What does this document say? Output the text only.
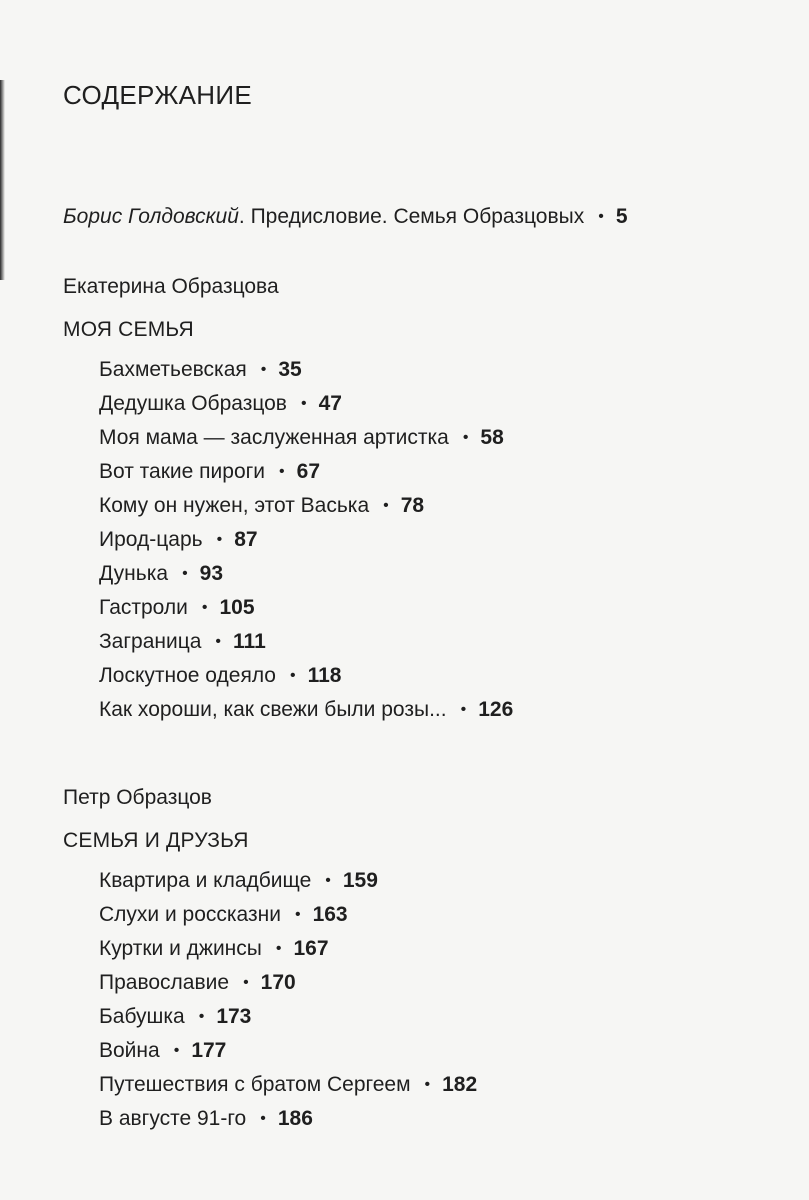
СОДЕРЖАНИЕ
Борис Голдовский. Предисловие. Семья Образцовых • 5
Екатерина Образцова
МОЯ СЕМЬЯ
Бахметьевская • 35
Дедушка Образцов • 47
Моя мама — заслуженная артистка • 58
Вот такие пироги • 67
Кому он нужен, этот Васька • 78
Ирод-царь • 87
Дунька • 93
Гастроли • 105
Заграница • 111
Лоскутное одеяло • 118
Как хороши, как свежи были розы... • 126
Петр Образцов
СЕМЬЯ И ДРУЗЬЯ
Квартира и кладбище • 159
Слухи и россказни • 163
Куртки и джинсы • 167
Православие • 170
Бабушка • 173
Война • 177
Путешествия с братом Сергеем • 182
В августе 91-го • 186
